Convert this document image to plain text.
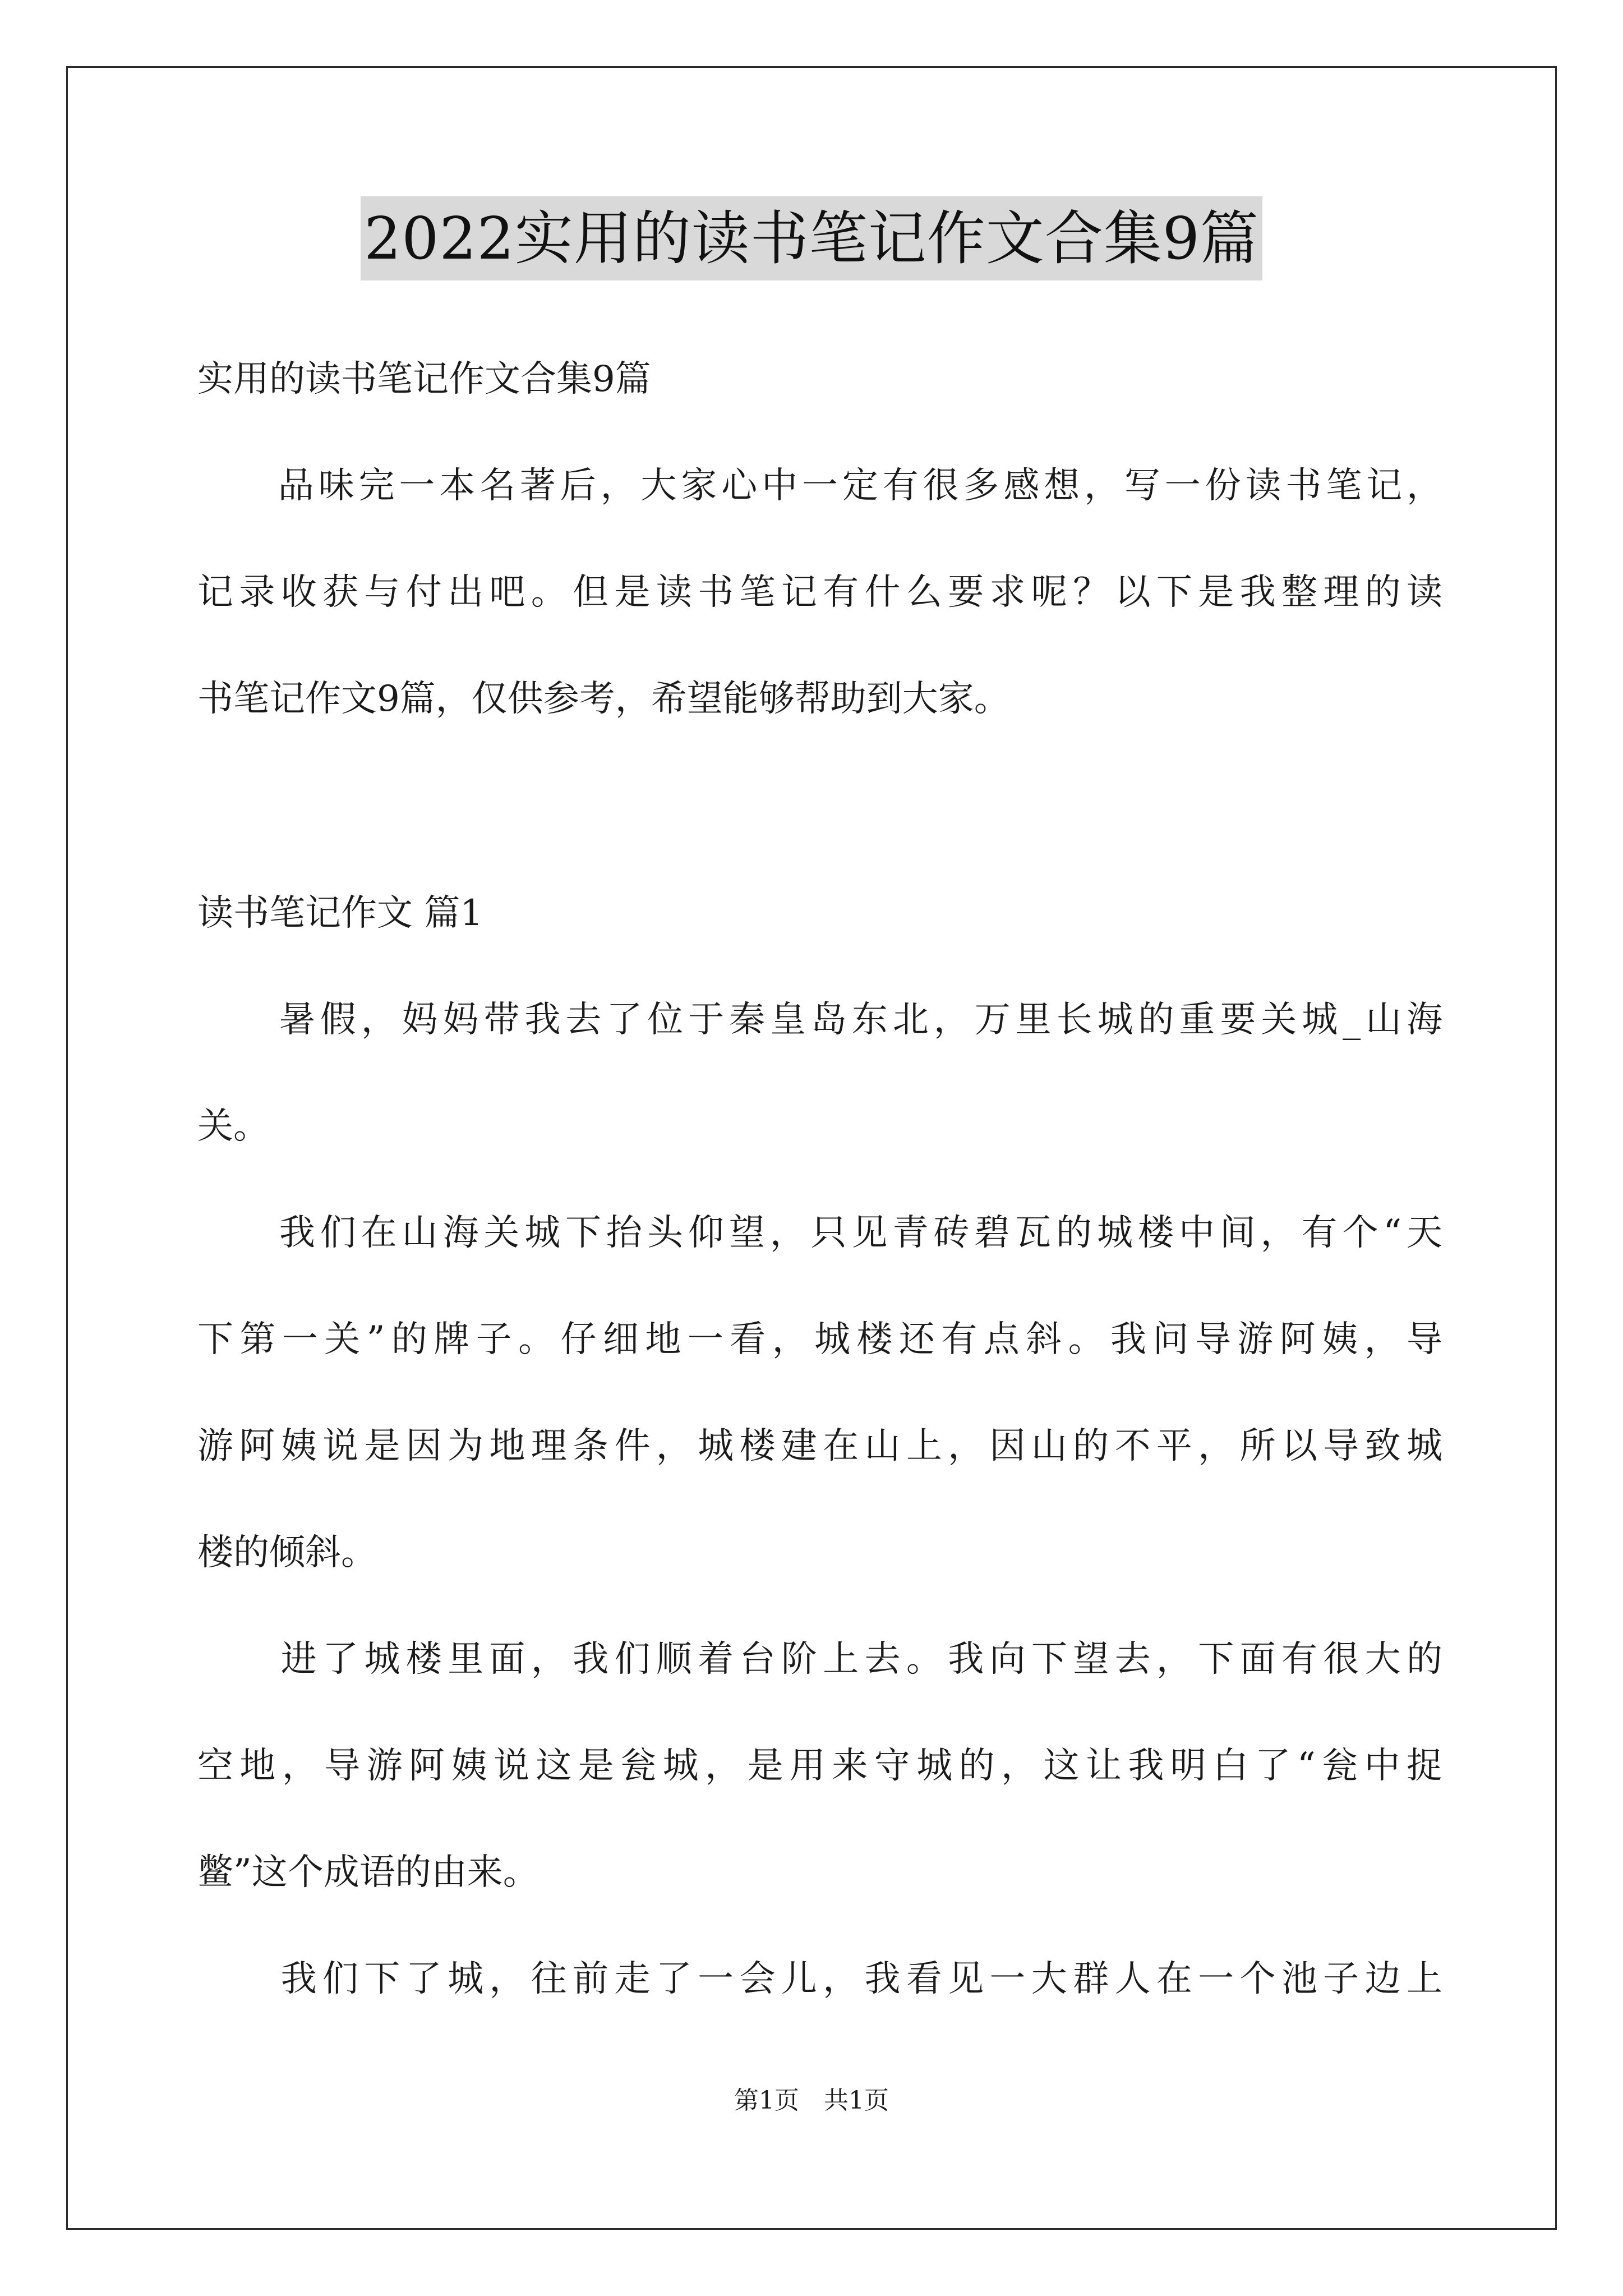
2022实用的读书笔记作文合集9篇
实用的读书笔记作文合集9篇
　　品味完一本名著后，大家心中一定有很多感想，写一份读书笔记，
记录收获与付出吧。但是读书笔记有什么要求呢？以下是我整理的读
书笔记作文9篇，仅供参考，希望能够帮助到大家。
读书笔记作文 篇1
　　暑假，妈妈带我去了位于秦皇岛东北，万里长城的重要关城_山海
关。
　　我们在山海关城下抬头仰望，只见青砖碧瓦的城楼中间，有个“天
下第一关”的牌子。仔细地一看，城楼还有点斜。我问导游阿姨，导
游阿姨说是因为地理条件，城楼建在山上，因山的不平，所以导致城
楼的倾斜。
　　进了城楼里面，我们顺着台阶上去。我向下望去，下面有很大的
空地，导游阿姨说这是瓮城，是用来守城的，这让我明白了“瓮中捉
鳖”这个成语的由来。
　　我们下了城，往前走了一会儿，我看见一大群人在一个池子边上
第1页　共1页
